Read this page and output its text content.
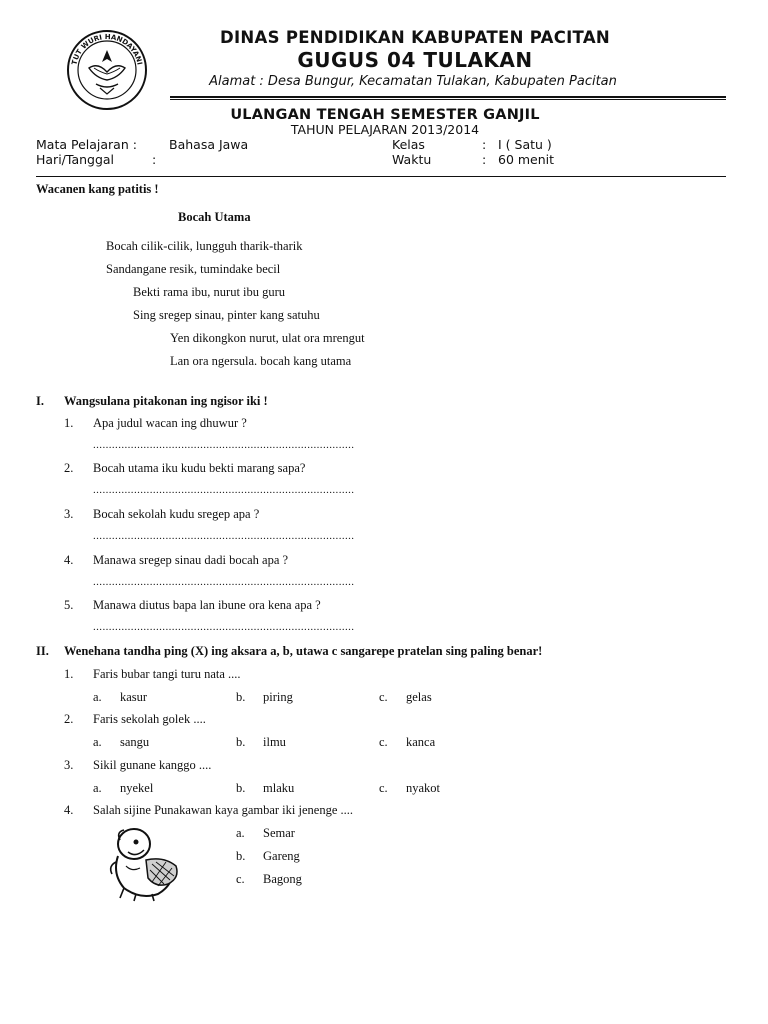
TUT WURI HANDAYANI
DINAS PENDIDIKAN KABUPATEN PACITAN
GUGUS 04 TULAKAN
Alamat : Desa Bungur, Kecamatan Tulakan, Kabupaten Pacitan
ULANGAN TENGAH SEMESTER GANJIL
TAHUN PELAJARAN 2013/2014
Mata Pelajaran :	Bahasa Jawa	Kelas	: I ( Satu )
Hari/Tanggal	:	Waktu	: 60 menit
Wacanen kang patitis !
Bocah Utama
Bocah cilik-cilik, lungguh tharik-tharik
Sandangane resik, tumindake becil
Bekti rama ibu, nurut ibu guru
Sing sregep sinau, pinter kang satuhu
Yen dikongkon nurut, ulat ora mrengut
Lan ora ngersula. bocah kang utama
I. Wangsulana pitakonan ing ngisor iki !
1. Apa judul wacan ing dhuwur ?
...................................................................................
2. Bocah utama iku kudu bekti marang sapa?
...................................................................................
3. Bocah sekolah kudu sregep apa ?
...................................................................................
4. Manawa sregep sinau dadi bocah apa ?
...................................................................................
5. Manawa diutus bapa lan ibune ora kena apa ?
...................................................................................
II. Wenehana tandha ping (X) ing aksara a, b, utawa c sangarepe pratelan sing paling benar!
1. Faris bubar tangi turu nata ....
a. kasur	b. piring	c. gelas
2. Faris sekolah golek ....
a. sangu	b. ilmu	c. kanca
3. Sikil gunane kanggo ....
a. nyekel	b. mlaku	c. nyakot
4. Salah sijine Punakawan kaya gambar iki jenenge ....
a. Semar
b. Gareng
c. Bagong
